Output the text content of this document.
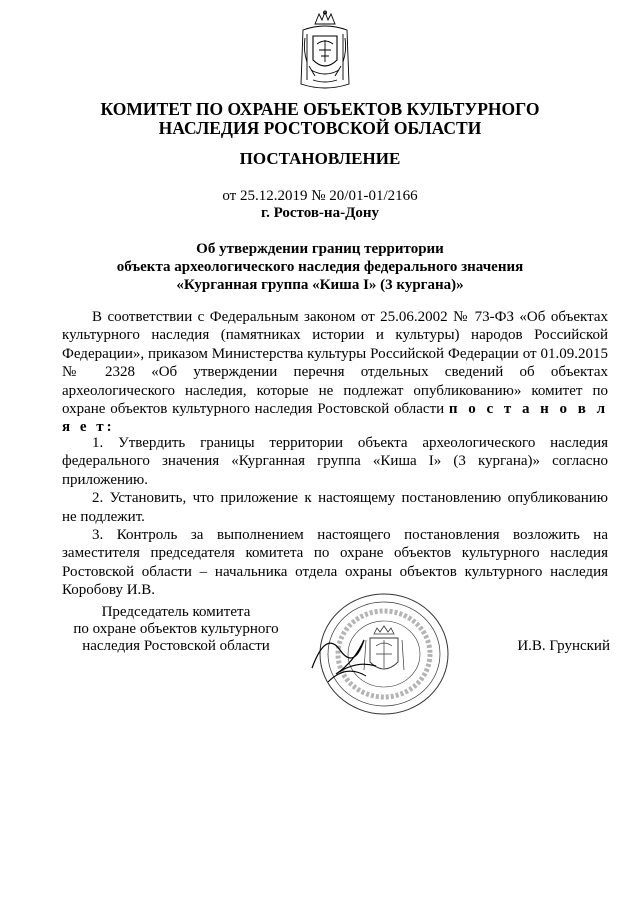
КОМИТЕТ ПО ОХРАНЕ ОБЪЕКТОВ КУЛЬТУРНОГО
НАСЛЕДИЯ РОСТОВСКОЙ ОБЛАСТИ
ПОСТАНОВЛЕНИЕ
от 25.12.2019 № 20/01-01/2166
г. Ростов-на-Дону
Об утверждении границ территории
объекта археологического наследия федерального значения
«Курганная группа «Киша I» (3 кургана)»

В соответствии с Федеральным законом от 25.06.2002 № 73-ФЗ «Об объектах культурного наследия (памятниках истории и культуры) народов Российской Федерации», приказом Министерства культуры Российской Федерации от 01.09.2015 № 2328 «Об утверждении перечня отдельных сведений об объектах археологического наследия, которые не подлежат опубликованию» комитет по охране объектов культурного наследия Ростовской области п о с т а н о в л я е т:

1. Утвердить границы территории объекта археологического наследия федерального значения «Курганная группа «Киша I» (3 кургана)» согласно приложению.

2. Установить, что приложение к настоящему постановлению опубликованию не подлежит.

3. Контроль за выполнением настоящего постановления возложить на заместителя председателя комитета по охране объектов культурного наследия Ростовской области – начальника отдела охраны объектов культурного наследия Коробову И.В.

Председатель комитета
по охране объектов культурного
наследия Ростовской области	И.В. Грунский
